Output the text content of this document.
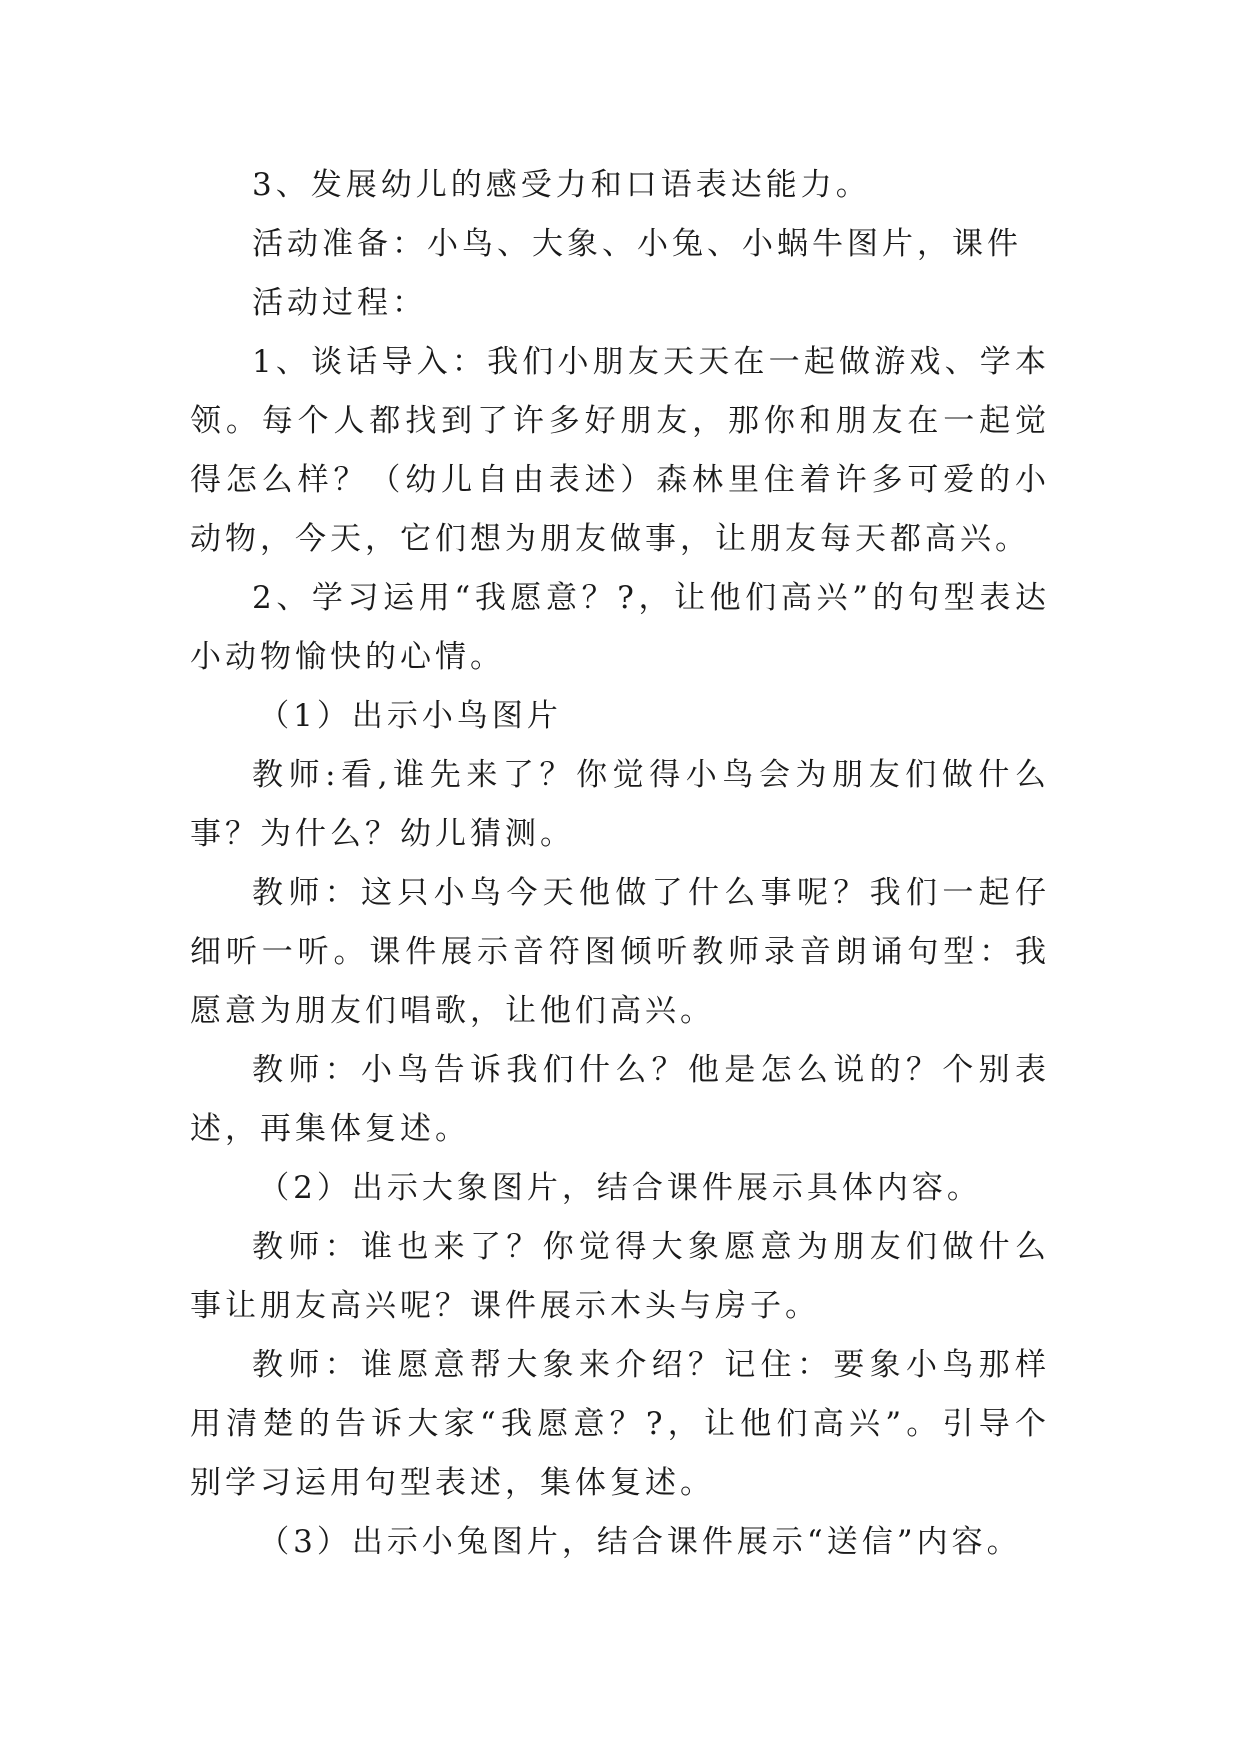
3、发展幼儿的感受力和口语表达能力。

活动准备：小鸟、大象、小兔、小蜗牛图片，课件

活动过程：

1、谈话导入：我们小朋友天天在一起做游戏、学本领。每个人都找到了许多好朋友，那你和朋友在一起觉得怎么样？（幼儿自由表述）森林里住着许多可爱的小动物，今天，它们想为朋友做事，让朋友每天都高兴。

2、学习运用“我愿意？?，让他们高兴”的句型表达小动物愉快的心情。

（1）出示小鸟图片

教师:看,谁先来了？你觉得小鸟会为朋友们做什么事？为什么？幼儿猜测。

教师：这只小鸟今天他做了什么事呢？我们一起仔细听一听。课件展示音符图倾听教师录音朗诵句型：我愿意为朋友们唱歌，让他们高兴。

教师：小鸟告诉我们什么？他是怎么说的？个别表述，再集体复述。

（2）出示大象图片，结合课件展示具体内容。

教师：谁也来了？你觉得大象愿意为朋友们做什么事让朋友高兴呢？课件展示木头与房子。

教师：谁愿意帮大象来介绍？记住：要象小鸟那样用清楚的告诉大家“我愿意？?，让他们高兴”。引导个别学习运用句型表述，集体复述。

（3）出示小兔图片，结合课件展示“送信”内容。
